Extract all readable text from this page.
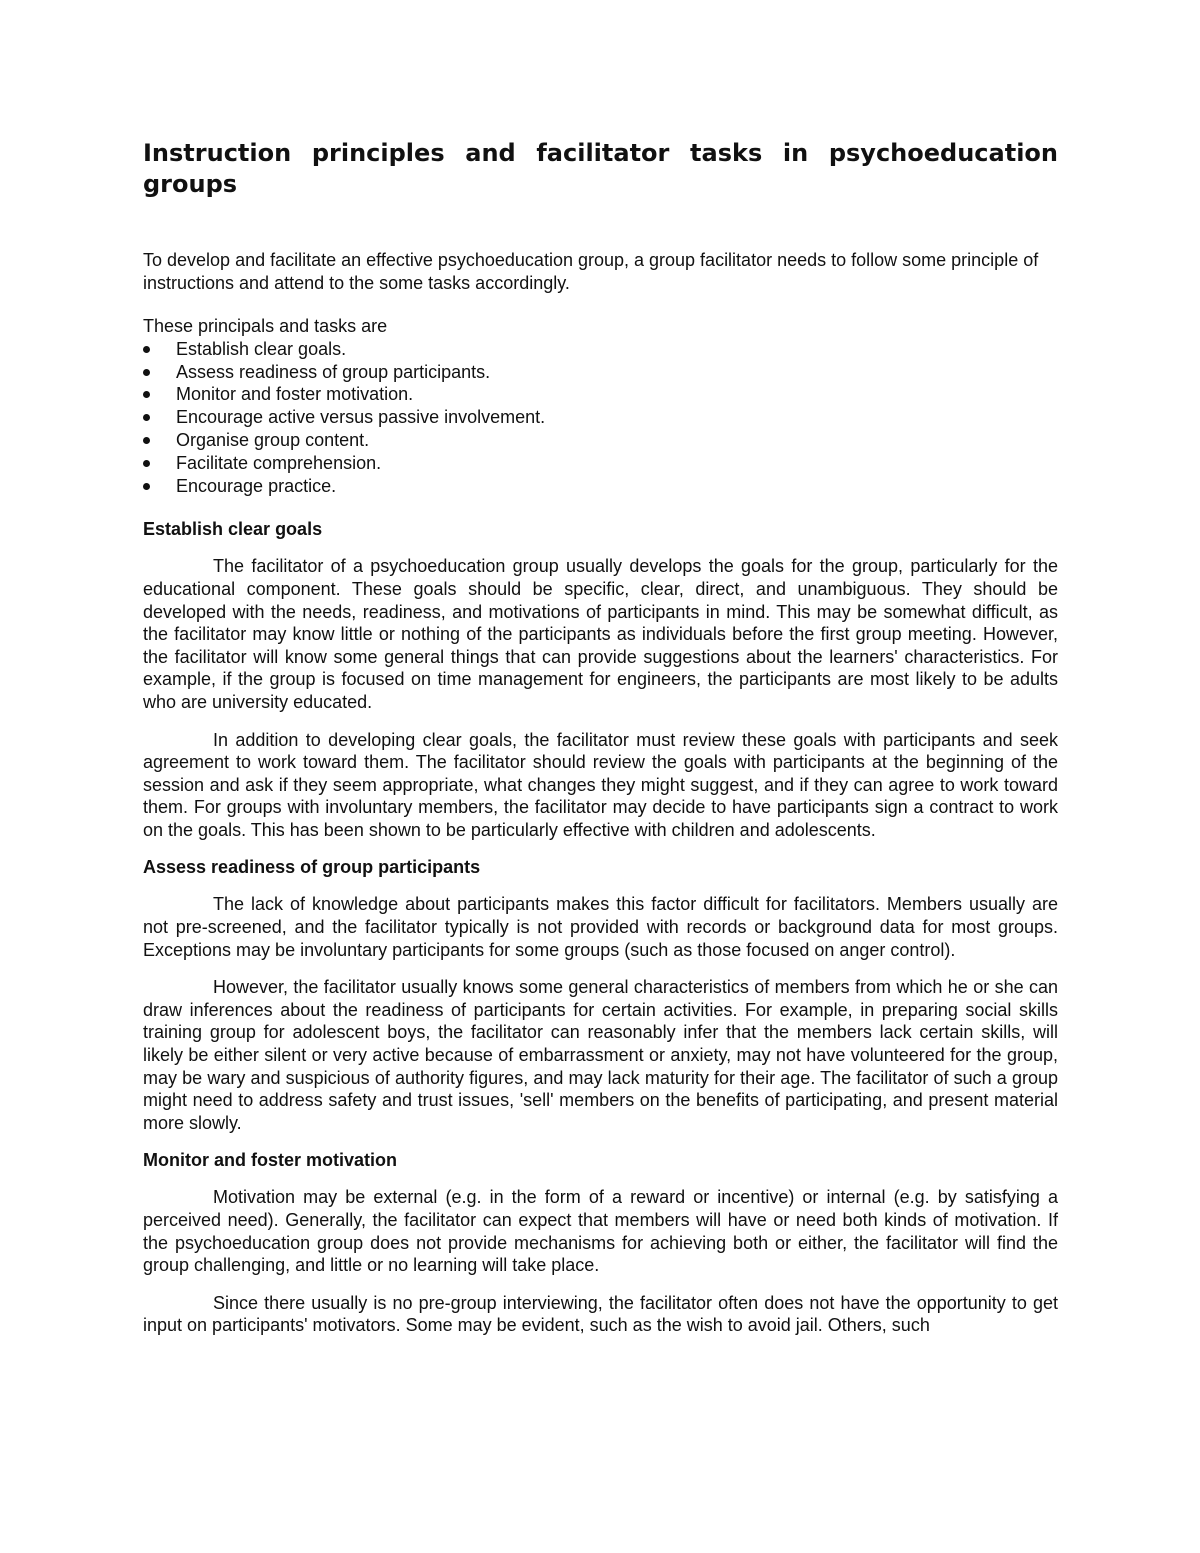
Instruction principles and facilitator tasks in psychoeducation groups

To develop and facilitate an effective psychoeducation group, a group facilitator needs to follow some principle of instructions and attend to the some tasks accordingly.

These principals and tasks are

Establish clear goals.
Assess readiness of group participants.
Monitor and foster motivation.
Encourage active versus passive involvement.
Organise group content.
Facilitate comprehension.
Encourage practice.
Establish clear goals

The facilitator of a psychoeducation group usually develops the goals for the group, particularly for the educational component. These goals should be specific, clear, direct, and unambiguous. They should be developed with the needs, readiness, and motivations of participants in mind. This may be somewhat difficult, as the facilitator may know little or nothing of the participants as individuals before the first group meeting. However, the facilitator will know some general things that can provide suggestions about the learners' characteristics. For example, if the group is focused on time management for engineers, the participants are most likely to be adults who are university educated.

In addition to developing clear goals, the facilitator must review these goals with participants and seek agreement to work toward them. The facilitator should review the goals with participants at the beginning of the session and ask if they seem appropriate, what changes they might suggest, and if they can agree to work toward them. For groups with involuntary members, the facilitator may decide to have participants sign a contract to work on the goals. This has been shown to be particularly effective with children and adolescents.

Assess readiness of group participants

The lack of knowledge about participants makes this factor difficult for facilitators. Members usually are not pre-screened, and the facilitator typically is not provided with records or background data for most groups. Exceptions may be involuntary participants for some groups (such as those focused on anger control).

However, the facilitator usually knows some general characteristics of members from which he or she can draw inferences about the readiness of participants for certain activities. For example, in preparing social skills training group for adolescent boys, the facilitator can reasonably infer that the members lack certain skills, will likely be either silent or very active because of embarrassment or anxiety, may not have volunteered for the group, may be wary and suspicious of authority figures, and may lack maturity for their age. The facilitator of such a group might need to address safety and trust issues, 'sell' members on the benefits of participating, and present material more slowly.

Monitor and foster motivation

Motivation may be external (e.g. in the form of a reward or incentive) or internal (e.g. by satisfying a perceived need). Generally, the facilitator can expect that members will have or need both kinds of motivation. If the psychoeducation group does not provide mechanisms for achieving both or either, the facilitator will find the group challenging, and little or no learning will take place.

Since there usually is no pre-group interviewing, the facilitator often does not have the opportunity to get input on participants' motivators. Some may be evident, such as the wish to avoid jail. Others, such
